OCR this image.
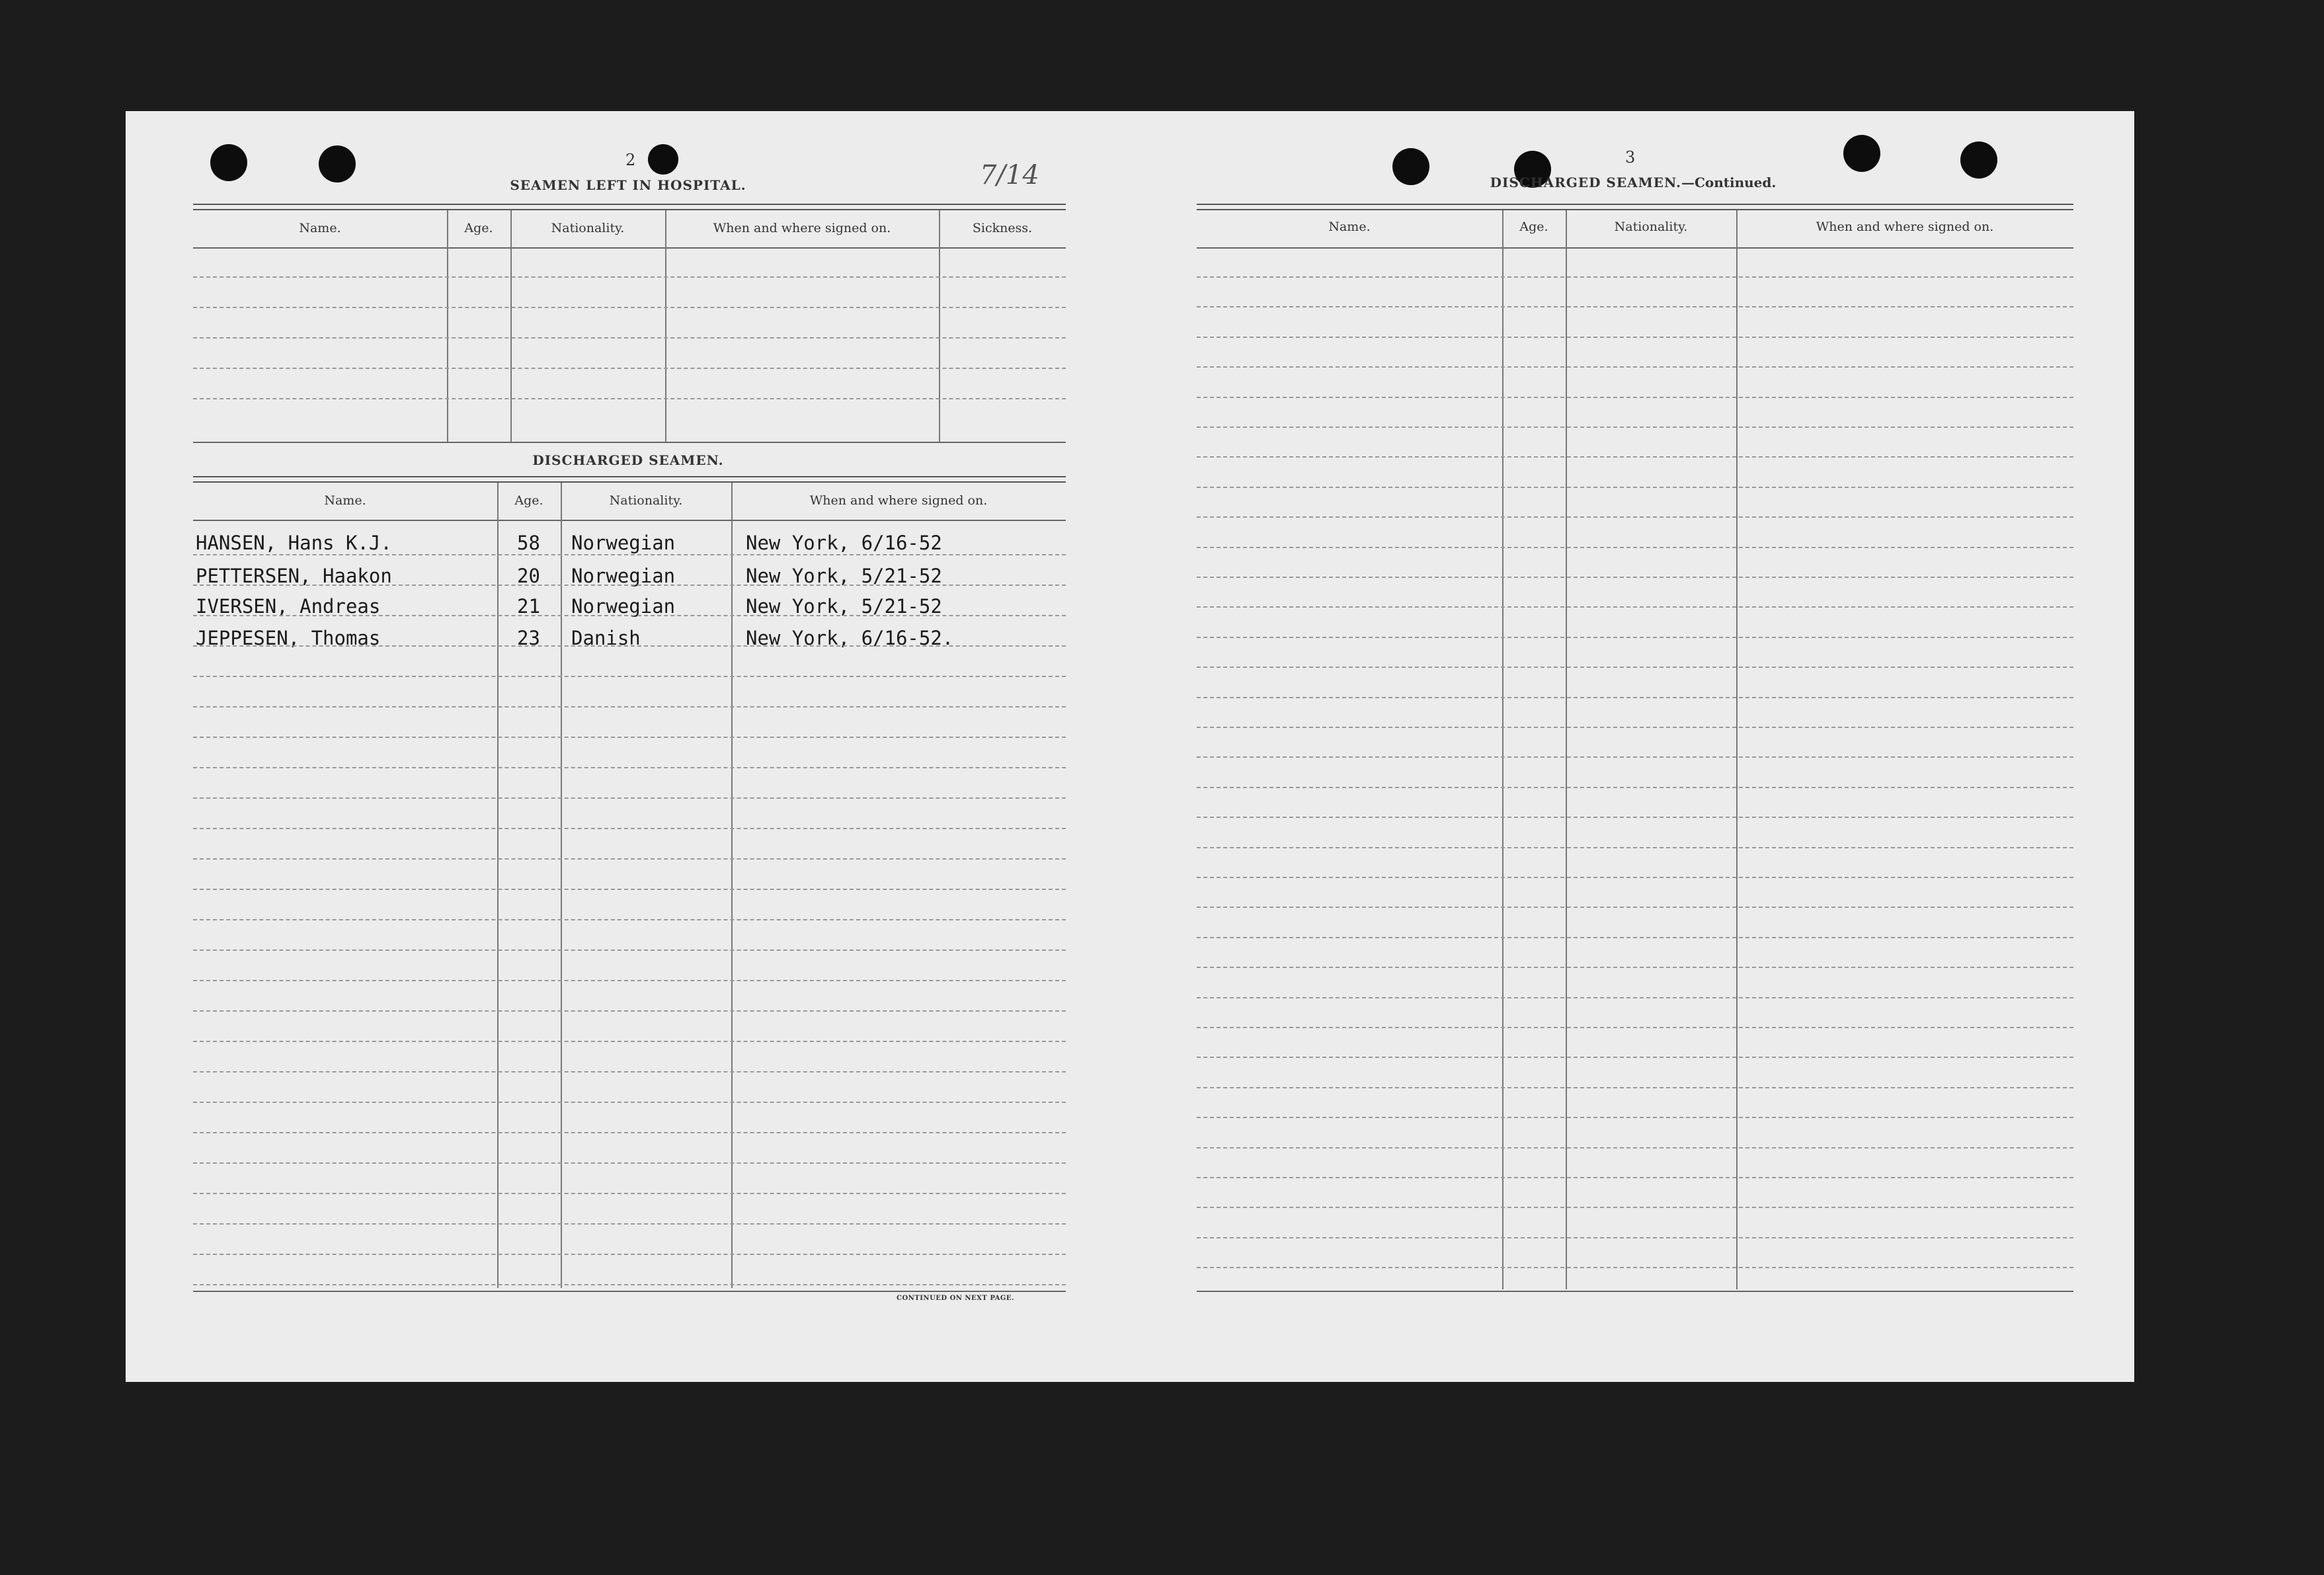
2	7/14
SEAMEN LEFT IN HOSPITAL.
Name.	Age.	Nationality.	When and where signed on.	Sickness.
DISCHARGED SEAMEN.
Name.	Age.	Nationality.	When and where signed on.
HANSEN, Hans K.J.	58 Norwegian	New York, 6/16-52
PETTERSEN, Haakon	20 Norwegian	New York, 5/21-52
IVERSEN, Andreas	21 Norwegian	New York, 5/21-52
JEPPESEN, Thomas	23 Danish	New York, 6/16-52.
CONTINUED ON NEXT PAGE.
3
DISCHARGED SEAMEN.—Continued.
Name.	Age.	Nationality.	When and where signed on.
